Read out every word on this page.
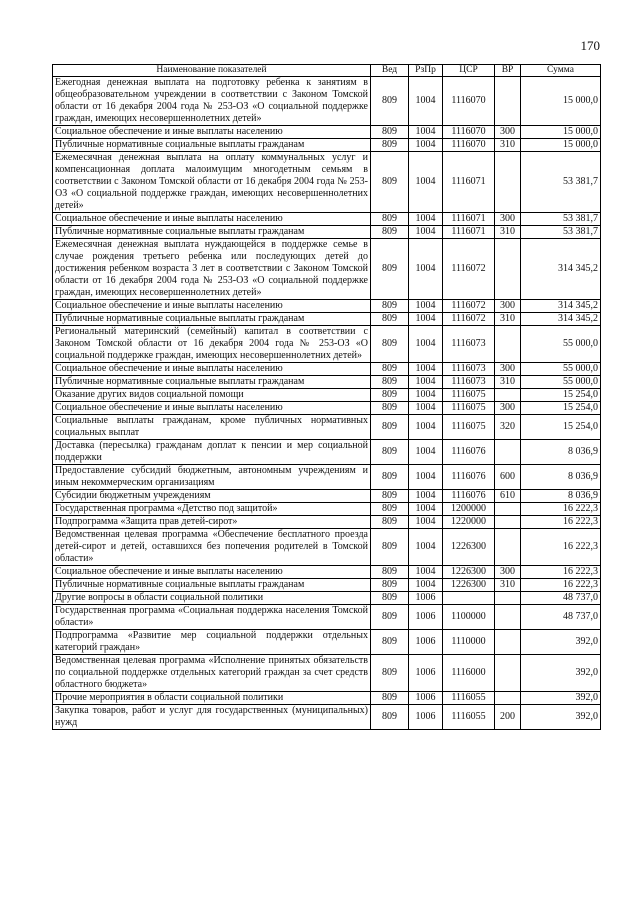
170
Наименование показателей	Вед	РзПр	ЦСР	ВР	Сумма
Ежегодная денежная выплата на подготовку ребенка к занятиям в общеобразовательном учреждении в соответствии с Законом Томской области от 16 декабря 2004 года № 253-ОЗ «О социальной поддержке граждан, имеющих несовершеннолетних детей»	809	1004	1116070		15 000,0
Социальное обеспечение и иные выплаты населению	809	1004	1116070	300	15 000,0
Публичные нормативные социальные выплаты гражданам	809	1004	1116070	310	15 000,0
Ежемесячная денежная выплата на оплату коммунальных услуг и компенсационная доплата малоимущим многодетным семьям в соответствии с Законом Томской области от 16 декабря 2004 года № 253-ОЗ «О социальной поддержке граждан, имеющих несовершеннолетних детей»	809	1004	1116071		53 381,7
Социальное обеспечение и иные выплаты населению	809	1004	1116071	300	53 381,7
Публичные нормативные социальные выплаты гражданам	809	1004	1116071	310	53 381,7
Ежемесячная денежная выплата нуждающейся в поддержке семье в случае рождения третьего ребенка или последующих детей до достижения ребенком возраста 3 лет в соответствии с Законом Томской области от 16 декабря 2004 года № 253-ОЗ «О социальной поддержке граждан, имеющих несовершеннолетних детей»	809	1004	1116072		314 345,2
Социальное обеспечение и иные выплаты населению	809	1004	1116072	300	314 345,2
Публичные нормативные социальные выплаты гражданам	809	1004	1116072	310	314 345,2
Региональный материнский (семейный) капитал в соответствии с Законом Томской области от 16 декабря 2004 года № 253-ОЗ «О социальной поддержке граждан, имеющих несовершеннолетних детей»	809	1004	1116073		55 000,0
Социальное обеспечение и иные выплаты населению	809	1004	1116073	300	55 000,0
Публичные нормативные социальные выплаты гражданам	809	1004	1116073	310	55 000,0
Оказание других видов социальной помощи	809	1004	1116075		15 254,0
Социальное обеспечение и иные выплаты населению	809	1004	1116075	300	15 254,0
Социальные выплаты гражданам, кроме публичных нормативных социальных выплат	809	1004	1116075	320	15 254,0
Доставка (пересылка) гражданам доплат к пенсии и мер социальной поддержки	809	1004	1116076		8 036,9
Предоставление субсидий бюджетным, автономным учреждениям и иным некоммерческим организациям	809	1004	1116076	600	8 036,9
Субсидии бюджетным учреждениям	809	1004	1116076	610	8 036,9
Государственная программа «Детство под защитой»	809	1004	1200000		16 222,3
Подпрограмма «Защита прав детей-сирот»	809	1004	1220000		16 222,3
Ведомственная целевая программа «Обеспечение бесплатного проезда детей-сирот и детей, оставшихся без попечения родителей в Томской области»	809	1004	1226300		16 222,3
Социальное обеспечение и иные выплаты населению	809	1004	1226300	300	16 222,3
Публичные нормативные социальные выплаты гражданам	809	1004	1226300	310	16 222,3
Другие вопросы в области социальной политики	809	1006			48 737,0
Государственная программа «Социальная поддержка населения Томской области»	809	1006	1100000		48 737,0
Подпрограмма «Развитие мер социальной поддержки отдельных категорий граждан»	809	1006	1110000		392,0
Ведомственная целевая программа «Исполнение принятых обязательств по социальной поддержке отдельных категорий граждан за счет средств областного бюджета»	809	1006	1116000		392,0
Прочие мероприятия в области социальной политики	809	1006	1116055		392,0
Закупка товаров, работ и услуг для государственных (муниципальных) нужд	809	1006	1116055	200	392,0
